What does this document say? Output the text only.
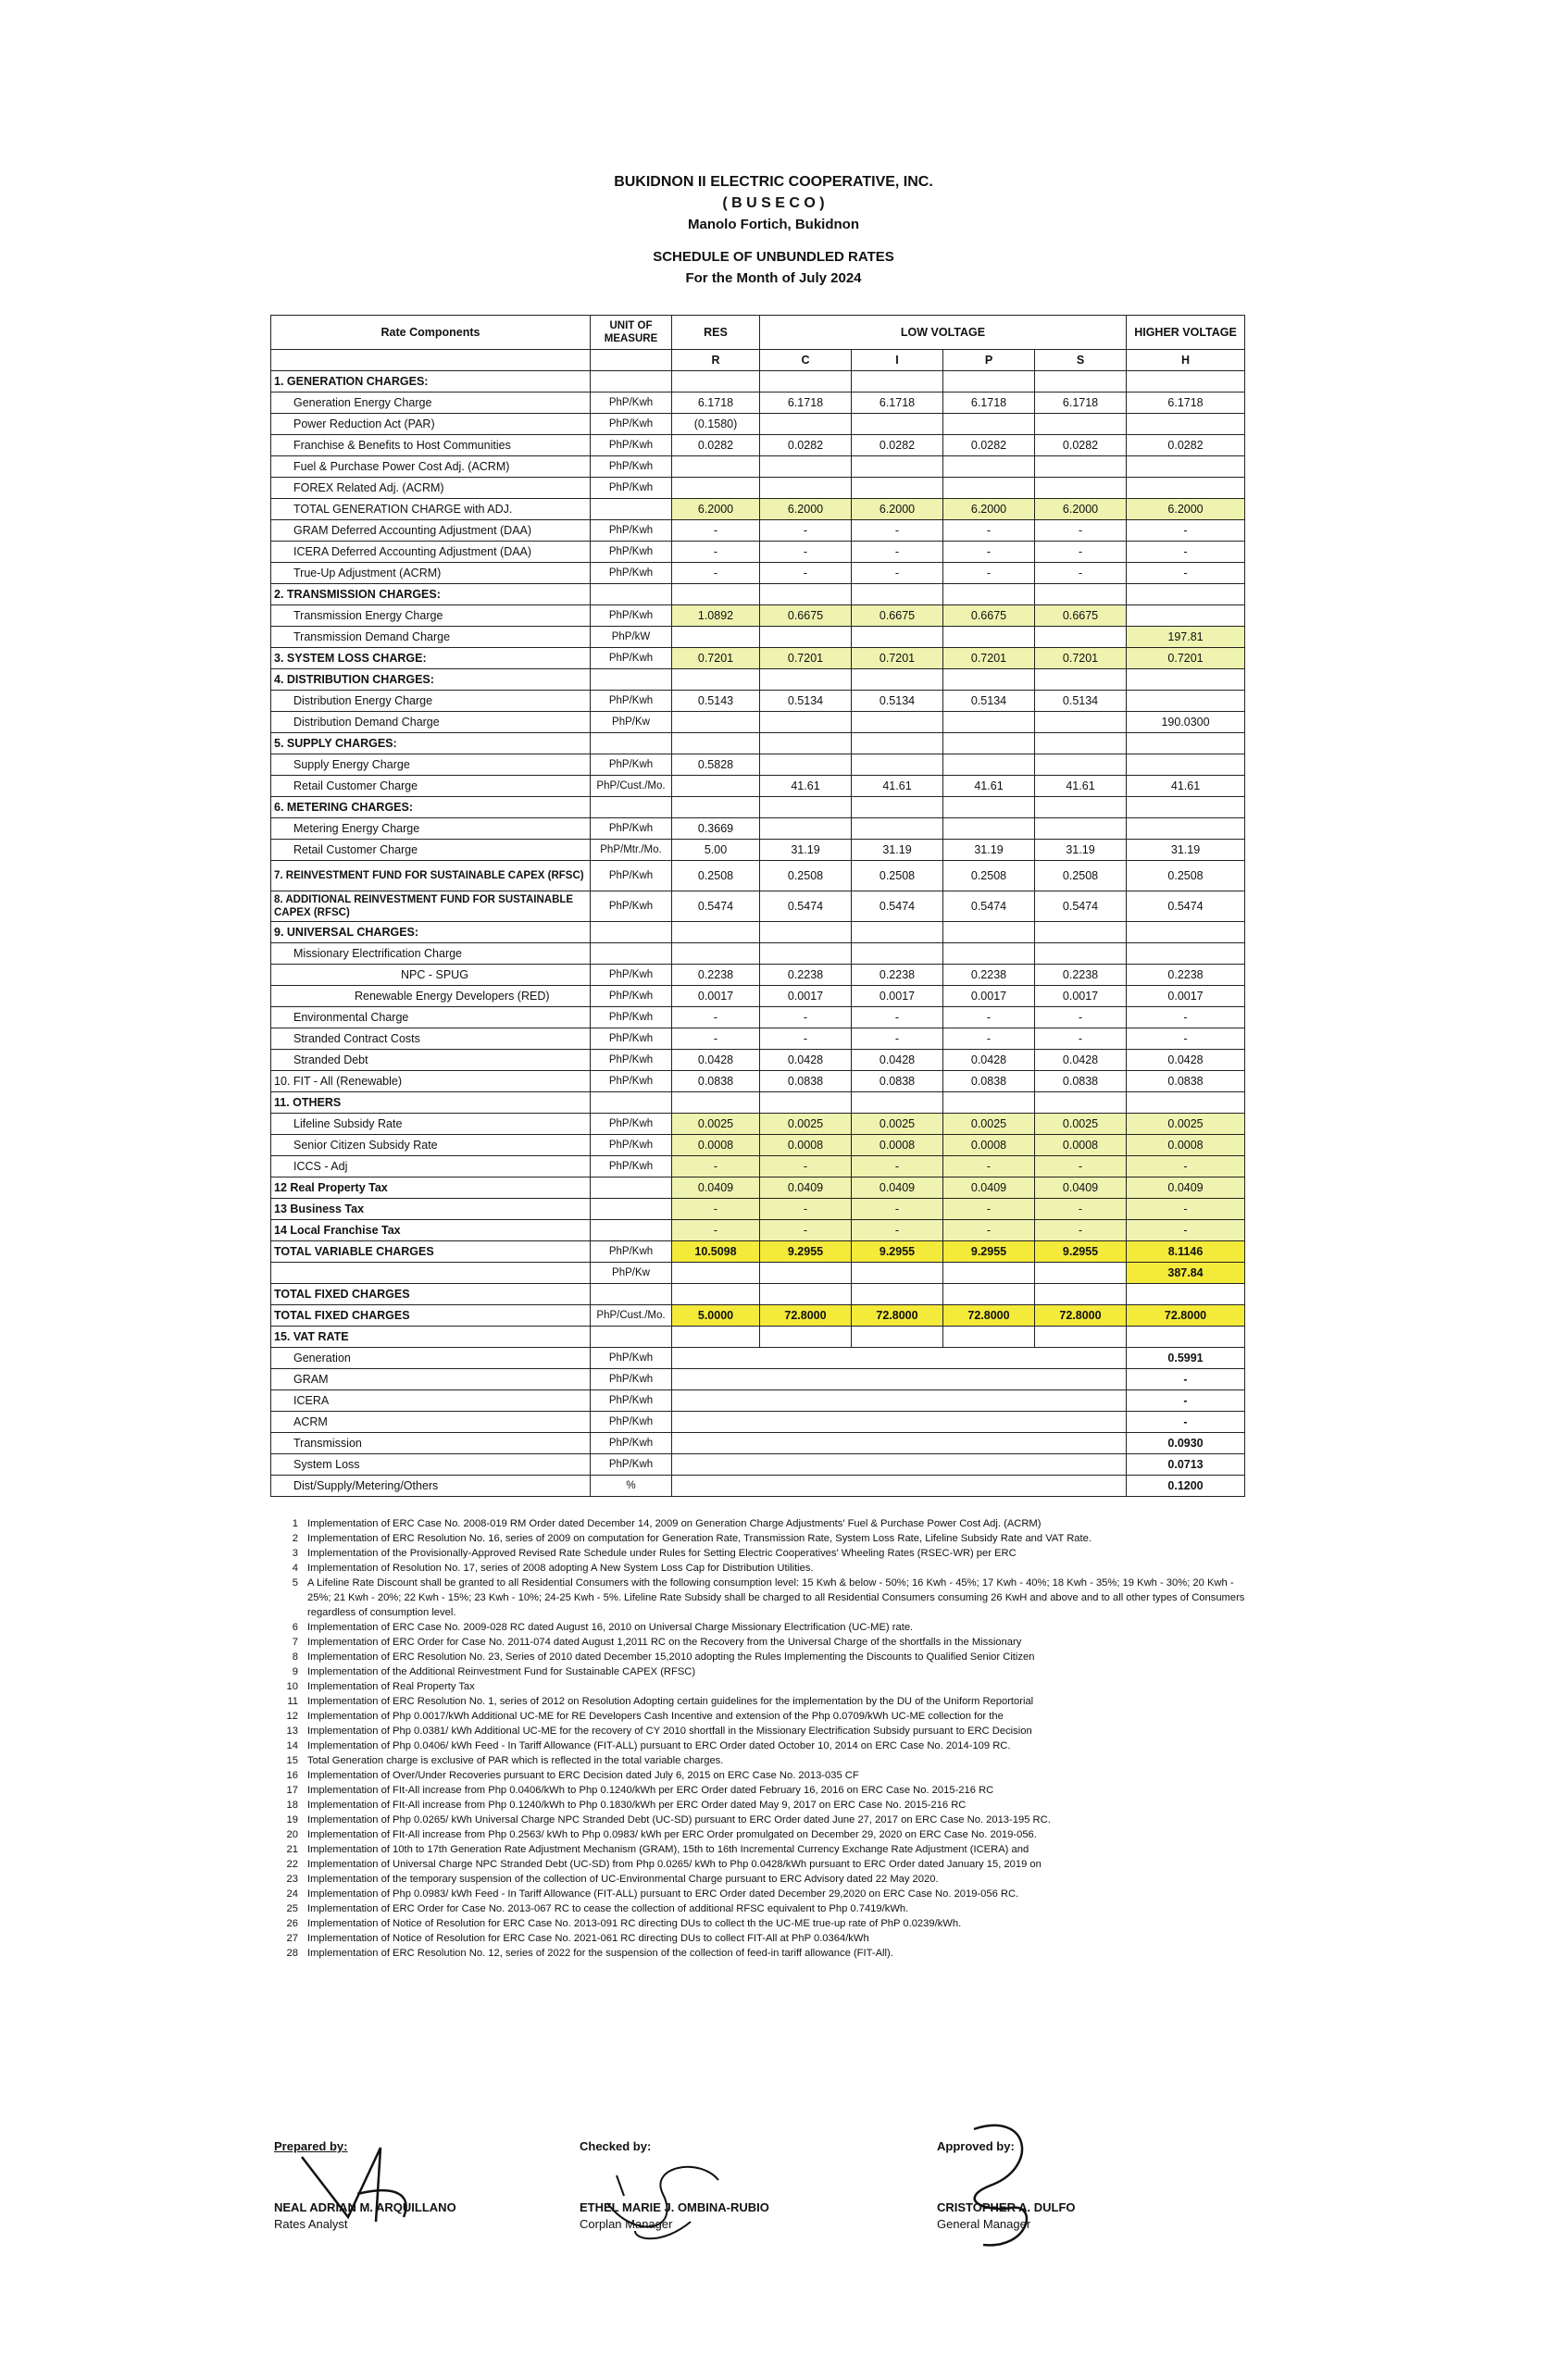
BUKIDNON II ELECTRIC COOPERATIVE, INC.
( B U S E C O )
Manolo Fortich, Bukidnon
SCHEDULE OF UNBUNDLED RATES
For the Month of July 2024
Rate Components	UNIT OF MEASURE	RES	LOW VOLTAGE				HIGHER VOLTAGE

		R	C	I	P	S	H
1. GENERATION CHARGES:							
Generation Energy Charge	PhP/Kwh	6.1718	6.1718	6.1718	6.1718	6.1718	6.1718
Power Reduction Act (PAR)	PhP/Kwh	(0.1580)					
Franchise & Benefits to Host Communities	PhP/Kwh	0.0282	0.0282	0.0282	0.0282	0.0282	0.0282
Fuel & Purchase Power Cost Adj. (ACRM)	PhP/Kwh						
FOREX Related Adj. (ACRM)	PhP/Kwh						
TOTAL GENERATION CHARGE with ADJ.		6.2000	6.2000	6.2000	6.2000	6.2000	6.2000
GRAM Deferred Accounting Adjustment (DAA)	PhP/Kwh	-	-	-	-	-	-
ICERA Deferred Accounting Adjustment (DAA)	PhP/Kwh	-	-	-	-	-	-
True-Up Adjustment (ACRM)	PhP/Kwh	-	-	-	-	-	-
2. TRANSMISSION CHARGES:							
Transmission Energy Charge	PhP/Kwh	1.0892	0.6675	0.6675	0.6675	0.6675	
Transmission Demand Charge	PhP/kW						197.81
3. SYSTEM LOSS CHARGE:	PhP/Kwh	0.7201	0.7201	0.7201	0.7201	0.7201	0.7201
4. DISTRIBUTION CHARGES:							
Distribution Energy Charge	PhP/Kwh	0.5143	0.5134	0.5134	0.5134	0.5134	
Distribution Demand Charge	PhP/Kw						190.0300
5. SUPPLY CHARGES:							
Supply Energy Charge	PhP/Kwh	0.5828					
Retail Customer Charge	PhP/Cust./Mo.		41.61	41.61	41.61	41.61	41.61
6. METERING CHARGES:							
Metering Energy Charge	PhP/Kwh	0.3669					
Retail Customer Charge	PhP/Mtr./Mo.	5.00	31.19	31.19	31.19	31.19	31.19
7. REINVESTMENT FUND FOR SUSTAINABLE CAPEX (RFSC)	PhP/Kwh	0.2508	0.2508	0.2508	0.2508	0.2508	0.2508
8. ADDITIONAL REINVESTMENT FUND FOR SUSTAINABLE CAPEX (RFSC)	PhP/Kwh	0.5474	0.5474	0.5474	0.5474	0.5474	0.5474
9. UNIVERSAL CHARGES:							
Missionary Electrification Charge							
NPC - SPUG	PhP/Kwh	0.2238	0.2238	0.2238	0.2238	0.2238	0.2238
Renewable Energy Developers (RED)	PhP/Kwh	0.0017	0.0017	0.0017	0.0017	0.0017	0.0017
Environmental Charge	PhP/Kwh	-	-	-	-	-	-
Stranded Contract Costs	PhP/Kwh	-	-	-	-	-	-
Stranded Debt	PhP/Kwh	0.0428	0.0428	0.0428	0.0428	0.0428	0.0428
10. FIT - All (Renewable)	PhP/Kwh	0.0838	0.0838	0.0838	0.0838	0.0838	0.0838
11. OTHERS							
Lifeline Subsidy Rate	PhP/Kwh	0.0025	0.0025	0.0025	0.0025	0.0025	0.0025
Senior Citizen Subsidy Rate	PhP/Kwh	0.0008	0.0008	0.0008	0.0008	0.0008	0.0008
ICCS - Adj	PhP/Kwh	-	-	-	-	-	-
12 Real Property Tax		0.0409	0.0409	0.0409	0.0409	0.0409	0.0409
13 Business Tax		-	-	-	-	-	-
14 Local Franchise Tax		-	-	-	-	-	-
TOTAL VARIABLE CHARGES	PhP/Kwh	10.5098	9.2955	9.2955	9.2955	9.2955	8.1146
	PhP/Kw						387.84
TOTAL FIXED CHARGES							
TOTAL FIXED CHARGES	PhP/Cust./Mo.	5.0000	72.8000	72.8000	72.8000	72.8000	72.8000
15. VAT RATE							
Generation	PhP/Kwh						0.5991
GRAM	PhP/Kwh						-
ICERA	PhP/Kwh						-
ACRM	PhP/Kwh						-
Transmission	PhP/Kwh						0.0930
System Loss	PhP/Kwh						0.0713
Dist/Supply/Metering/Others	%						0.1200
1 Implementation of ERC Case No. 2008-019 RM Order dated December 14, 2009 on Generation Charge Adjustments' Fuel & Purchase Power Cost Adj. (ACRM)
2 Implementation of ERC Resolution No. 16, series of 2009 on computation for Generation Rate, Transmission Rate, System Loss Rate, Lifeline Subsidy Rate and VAT Rate.
3 Implementation of the Provisionally-Approved Revised Rate Schedule under Rules for Setting Electric Cooperatives' Wheeling Rates (RSEC-WR) per ERC
4 Implementation of Resolution No. 17, series of 2008 adopting A New System Loss Cap for Distribution Utilities.
5 A Lifeline Rate Discount shall be granted to all Residential Consumers with the following consumption level: 15 Kwh & below - 50%; 16 Kwh - 45%; 17 Kwh - 40%; 18 Kwh - 35%; 19 Kwh - 30%; 20 Kwh - 25%; 21 Kwh - 20%; 22 Kwh - 15%; 23 Kwh - 10%; 24-25 Kwh - 5%. Lifeline Rate Subsidy shall be charged to all Residential Consumers consuming 26 KwH and above and to all other types of Consumers regardless of consumption level.
6 Implementation of ERC Case No. 2009-028 RC dated August 16, 2010 on Universal Charge Missionary Electrification (UC-ME) rate.
7 Implementation of ERC Order for Case No. 2011-074 dated August 1,2011 RC on the Recovery from the Universal Charge of the shortfalls in the Missionary
8 Implementation of ERC Resolution No. 23, Series of 2010 dated December 15,2010 adopting the Rules Implementing the Discounts to Qualified Senior Citizen
9 Implementation of the Additional Reinvestment Fund for Sustainable CAPEX (RFSC)
10 Implementation of Real Property Tax
11 Implementation of ERC Resolution No. 1, series of 2012 on Resolution Adopting certain guidelines for the implementation by the DU of the Uniform Reportorial
12 Implementation of Php 0.0017/kWh Additional UC-ME for RE Developers Cash Incentive and extension of the Php 0.0709/kWh UC-ME collection for the
13 Implementation of Php 0.0381/ kWh Additional UC-ME for the recovery of CY 2010 shortfall in the Missionary Electrification Subsidy pursuant to ERC Decision
14 Implementation of Php 0.0406/ kWh Feed - In Tariff Allowance (FIT-ALL) pursuant to ERC Order dated October 10, 2014 on ERC Case No. 2014-109 RC.
15 Total Generation charge is exclusive of PAR which is reflected in the total variable charges.
16 Implementation of Over/Under Recoveries pursuant to ERC Decision dated July 6, 2015 on ERC Case No. 2013-035 CF
17 Implementation of FIt-All increase from Php 0.0406/kWh to Php 0.1240/kWh per ERC Order dated February 16, 2016 on ERC Case No. 2015-216 RC
18 Implementation of FIt-All increase from Php 0.1240/kWh to Php 0.1830/kWh per ERC Order dated May 9, 2017 on ERC Case No. 2015-216 RC
19 Implementation of Php 0.0265/ kWh Universal Charge NPC Stranded Debt (UC-SD) pursuant to ERC Order dated June 27, 2017 on ERC Case No. 2013-195 RC.
20 Implementation of FIt-All increase from Php 0.2563/ kWh to Php 0.0983/ kWh per ERC Order promulgated on December 29, 2020 on ERC Case No. 2019-056.
21 Implementation of 10th to 17th Generation Rate Adjustment Mechanism (GRAM), 15th to 16th Incremental Currency Exchange Rate Adjustment (ICERA) and
22 Implementation of Universal Charge NPC Stranded Debt (UC-SD) from Php 0.0265/ kWh to Php 0.0428/kWh pursuant to ERC Order dated January 15, 2019 on
23 Implementation of the temporary suspension of the collection of UC-Environmental Charge pursuant to ERC Advisory dated 22 May 2020.
24 Implementation of Php 0.0983/ kWh Feed - In Tariff Allowance (FIT-ALL) pursuant to ERC Order dated December 29,2020 on ERC Case No. 2019-056 RC.
25 Implementation of ERC Order for Case No. 2013-067 RC to cease the collection of additional RFSC equivalent to Php 0.7419/kWh.
26 Implementation of Notice of Resolution for ERC Case No. 2013-091 RC directing DUs to collect th the UC-ME true-up rate of PhP 0.0239/kWh.
27 Implementation of Notice of Resolution for ERC Case No. 2021-061 RC directing DUs to collect FIT-All at PhP 0.0364/kWh
28 Implementation of ERC Resolution No. 12, series of 2022 for the suspension of the collection of feed-in tariff allowance (FIT-All).
Prepared by:
NEAL ADRIAN M. ARQUILLANO
Rates Analyst
Checked by:
ETHEL MARIE J. OMBINA-RUBIO
Corplan Manager
Approved by:
CRISTOPHER A. DULFO
General Manager
